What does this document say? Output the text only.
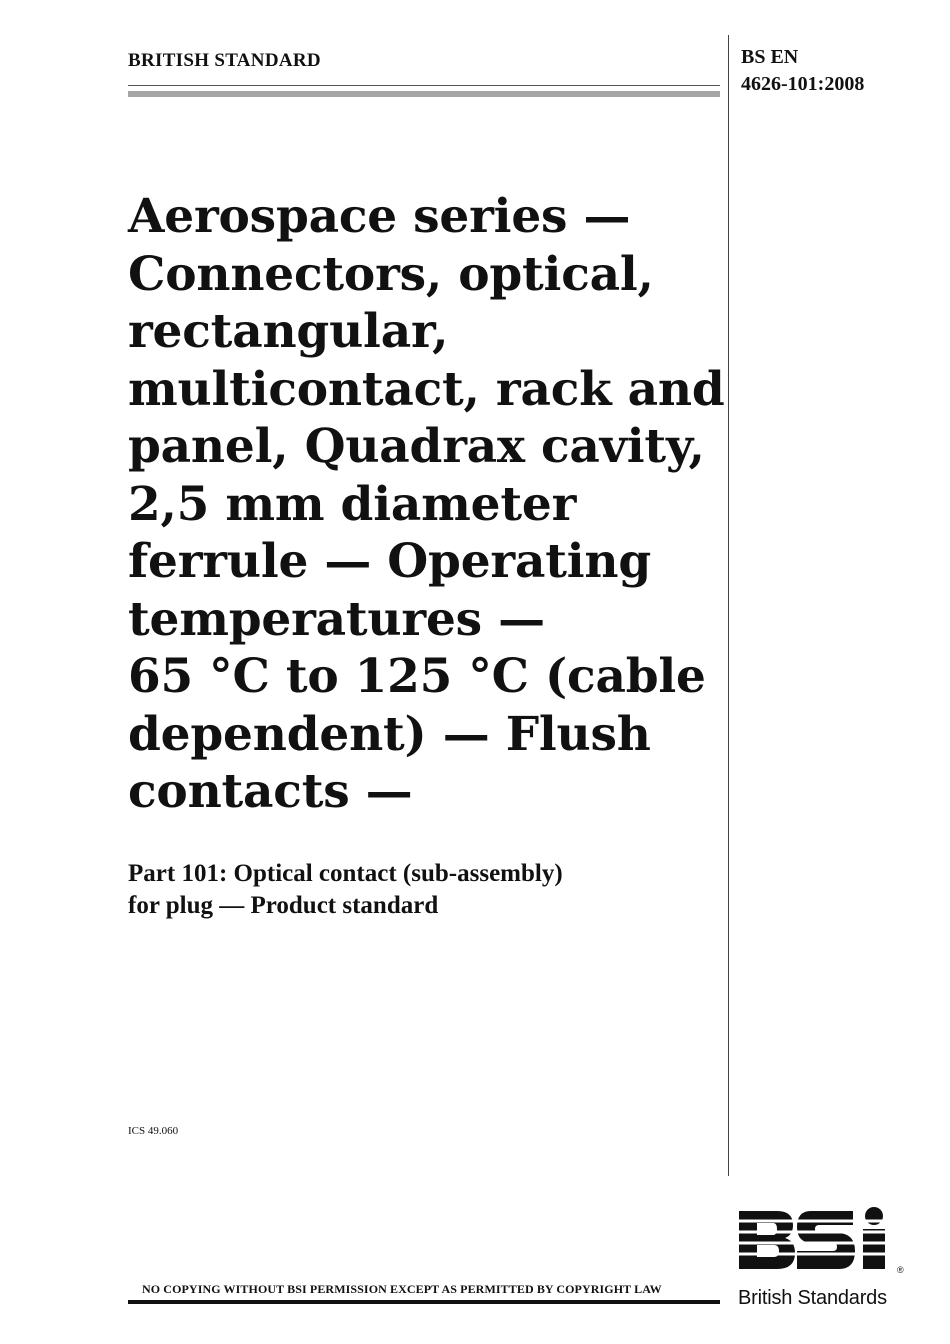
BRITISH STANDARD	BS EN
4626-101:2008
Aerospace series —
Connectors, optical,
rectangular,
multicontact, rack and
panel, Quadrax cavity,
2,5 mm diameter
ferrule — Operating
temperatures —
65 °C to 125 °C (cable
dependent) — Flush
contacts —
Part 101: Optical contact (sub-assembly)
for plug — Product standard
ICS 49.060
NO COPYING WITHOUT BSI PERMISSION EXCEPT AS PERMITTED BY COPYRIGHT LAW
®
British Standards
